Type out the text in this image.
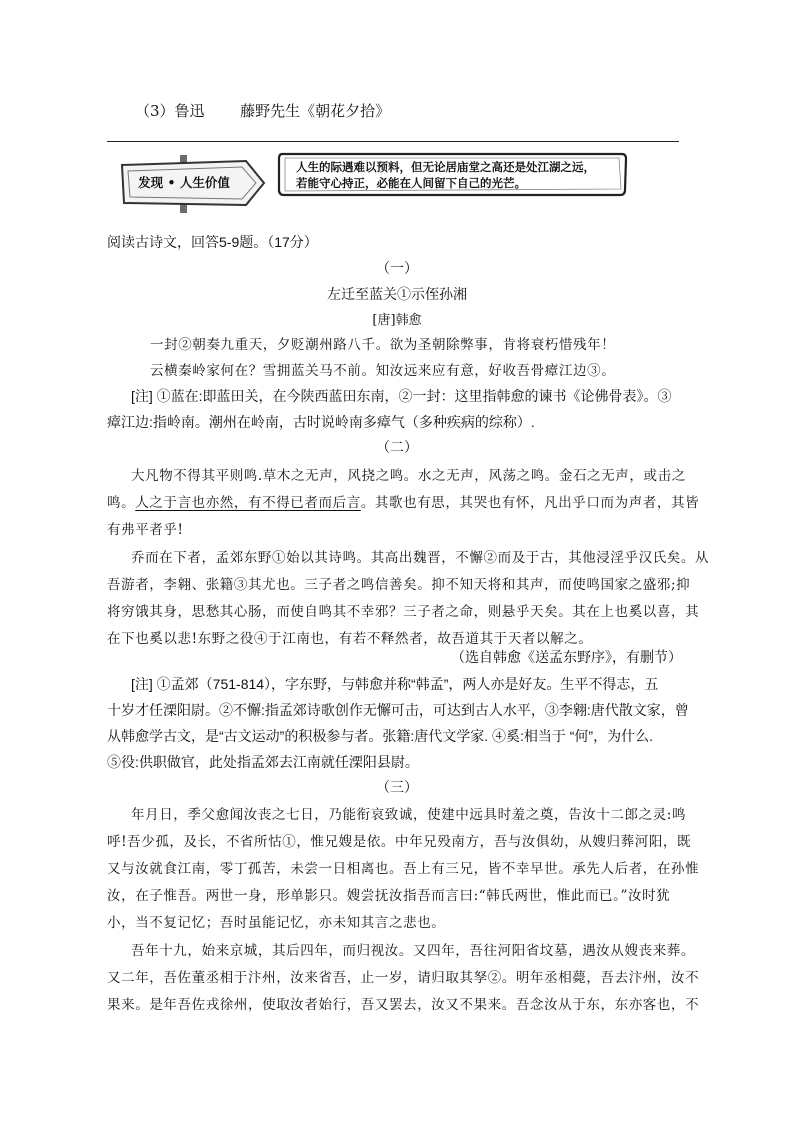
（3）鲁迅 藤野先生《朝花夕拾》
发现 • 人生价值
人生的际遇难以预料，但无论居庙堂之高还是处江湖之远，
若能守心持正，必能在人间留下自己的光芒。
阅读古诗文，回答5-9题。（17分）
（一）
左迁至蓝关①示侄孙湘
[唐]韩愈
一封②朝奏九重天，夕贬潮州路八千。欲为圣朝除弊事，肯将衰朽惜残年！
云横秦岭家何在？雪拥蓝关马不前。知汝远来应有意，好收吾骨瘴江边③。
[注] ①蓝在:即蓝田关，在今陕西蓝田东南，②一封：这里指韩愈的谏书《论佛骨表》。③
瘴江边:指岭南。潮州在岭南，古时说岭南多瘴气（多种疾病的综称）.
（二）
大凡物不得其平则鸣.草木之无声，风挠之鸣。水之无声，风荡之鸣。金石之无声，或击之
鸣。人之于言也亦然，有不得已者而后言。其歌也有思，其哭也有怀，凡出乎口而为声者，其皆
有弗平者乎!
乔而在下者，孟郊东野①始以其诗鸣。其高出魏晋，不懈②而及于古，其他浸淫乎汉氏矣。从
吾游者，李翱、张籍③其尤也。三子者之鸣信善矣。抑不知天将和其声，而使鸣国家之盛邪;抑
将穷饿其身，思愁其心肠，而使自鸣其不幸邪？三子者之命，则悬乎天矣。其在上也奚以喜，其
在下也奚以悲!东野之役④于江南也，有若不释然者，故吾道其于天者以解之。
（选自韩愈《送孟东野序》，有删节）
[注] ①孟郊（751-814），字东野，与韩愈并称“韩孟”，两人亦是好友。生平不得志，五
十岁才任溧阳尉。②不懈:指孟郊诗歌创作无懈可击，可达到古人水平，③李翱:唐代散文家，曾
从韩愈学古文，是“古文运动”的积极参与者。张籍:唐代文学家. ④奚:相当于 “何”，为什么.
⑤役:供职做官，此处指孟郊去江南就任溧阳县尉。
（三）
年月日，季父愈闻汝丧之七日，乃能衔哀致诚，使建中远具时羞之奠，告汝十二郎之灵:鸣
呼!吾少孤，及长，不省所怙①，惟兄嫂是依。中年兄殁南方，吾与汝俱幼，从嫂归葬河阳，既
又与汝就食江南，零丁孤苦，未尝一日相离也。吾上有三兄，皆不幸早世。承先人后者，在孙惟
汝，在子惟吾。两世一身，形单影只。嫂尝抚汝指吾而言曰:“韩氏两世，惟此而已。”汝时犹
小，当不复记忆；吾时虽能记忆，亦未知其言之悲也。
吾年十九，始来京城，其后四年，而归视汝。又四年，吾往河阳省坟墓，遇汝从嫂丧来葬。
又二年，吾佐董丞相于汴州，汝来省吾，止一岁，请归取其孥②。明年丞相薨，吾去汴州，汝不
果来。是年吾佐戎徐州，使取汝者始行，吾又罢去，汝又不果来。吾念汝从于东，东亦客也，不
